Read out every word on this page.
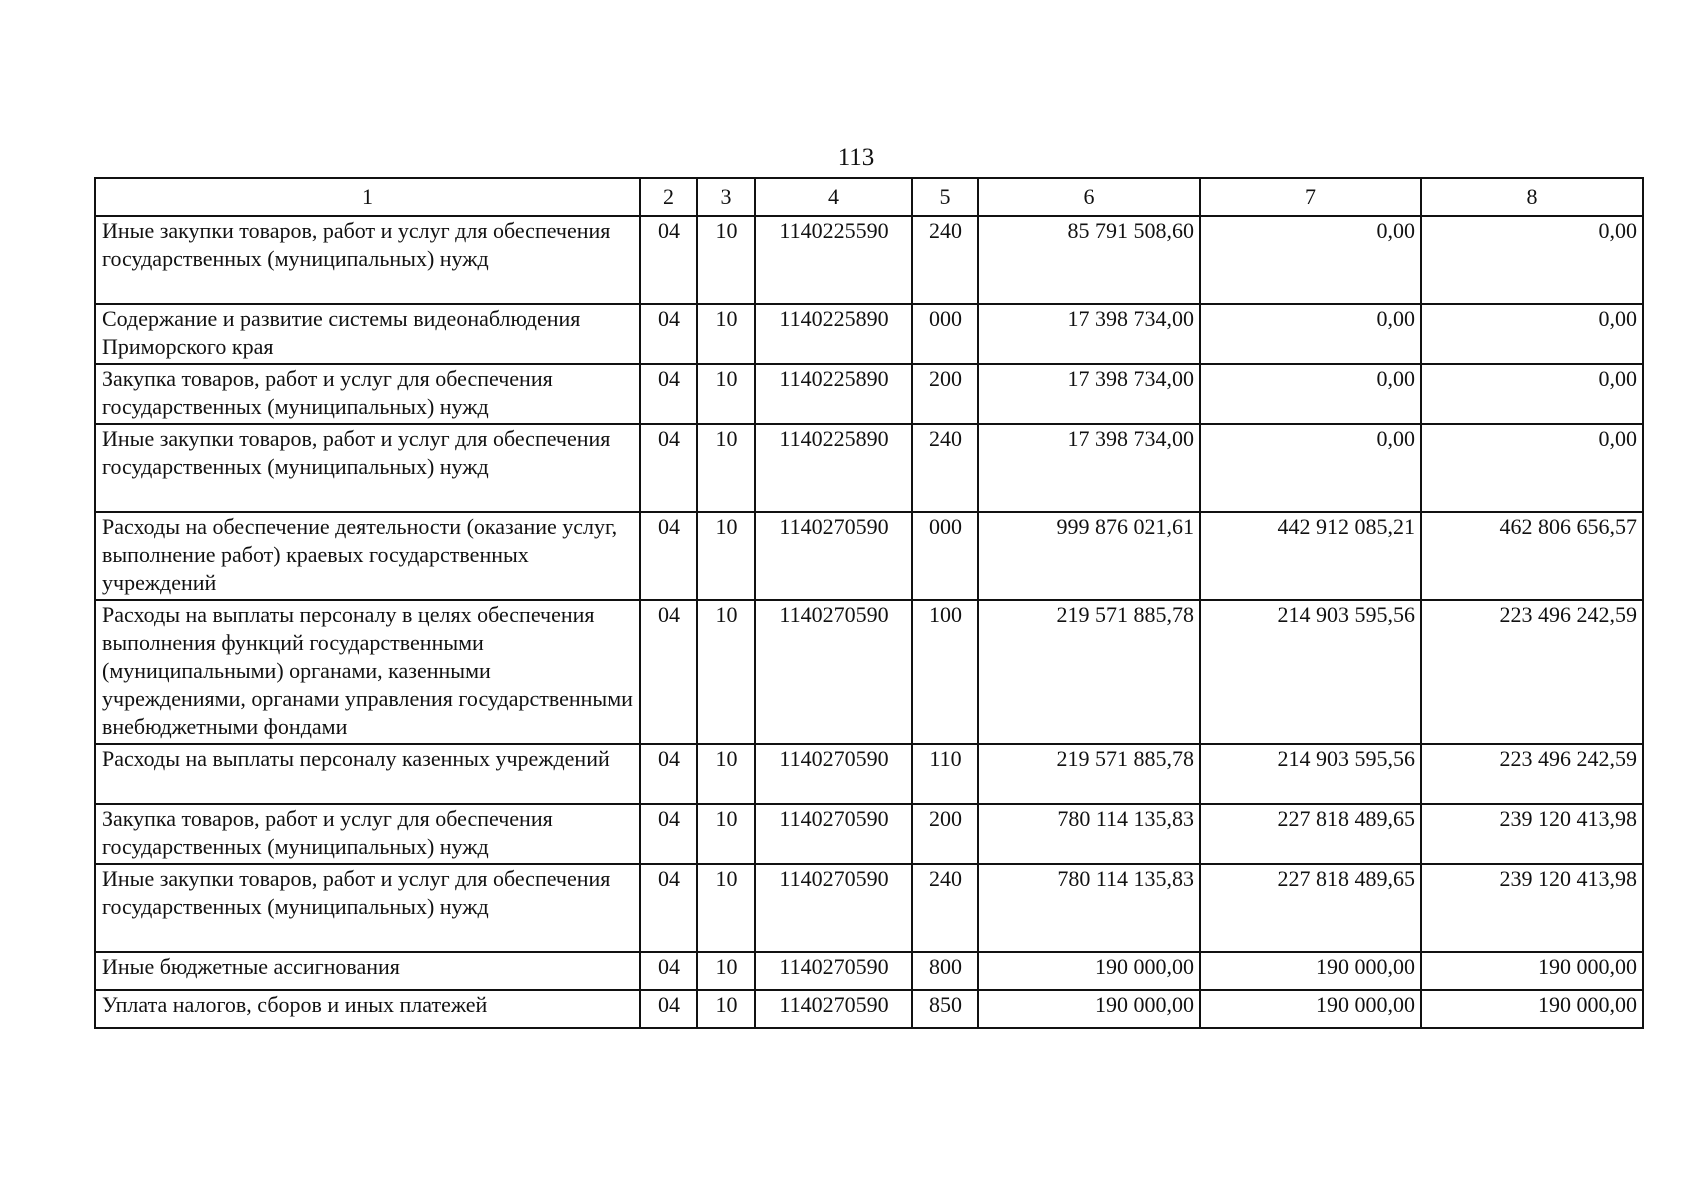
113
1	2	3	4	5	6	7	8
Иные закупки товаров, работ и услуг для обеспечения государственных (муниципальных) нужд	04	10	1140225590	240	85 791 508,60	0,00	0,00
Содержание и развитие системы видеонаблюдения Приморского края	04	10	1140225890	000	17 398 734,00	0,00	0,00
Закупка товаров, работ и услуг для обеспечения государственных (муниципальных) нужд	04	10	1140225890	200	17 398 734,00	0,00	0,00
Иные закупки товаров, работ и услуг для обеспечения государственных (муниципальных) нужд	04	10	1140225890	240	17 398 734,00	0,00	0,00
Расходы на обеспечение деятельности (оказание услуг, выполнение работ) краевых государственных учреждений	04	10	1140270590	000	999 876 021,61	442 912 085,21	462 806 656,57
Расходы на выплаты персоналу в целях обеспечения выполнения функций государственными (муниципальными) органами, казенными учреждениями, органами управления государственными внебюджетными фондами	04	10	1140270590	100	219 571 885,78	214 903 595,56	223 496 242,59
Расходы на выплаты персоналу казенных учреждений	04	10	1140270590	110	219 571 885,78	214 903 595,56	223 496 242,59
Закупка товаров, работ и услуг для обеспечения государственных (муниципальных) нужд	04	10	1140270590	200	780 114 135,83	227 818 489,65	239 120 413,98
Иные закупки товаров, работ и услуг для обеспечения государственных (муниципальных) нужд	04	10	1140270590	240	780 114 135,83	227 818 489,65	239 120 413,98
Иные бюджетные ассигнования	04	10	1140270590	800	190 000,00	190 000,00	190 000,00
Уплата налогов, сборов и иных платежей	04	10	1140270590	850	190 000,00	190 000,00	190 000,00
